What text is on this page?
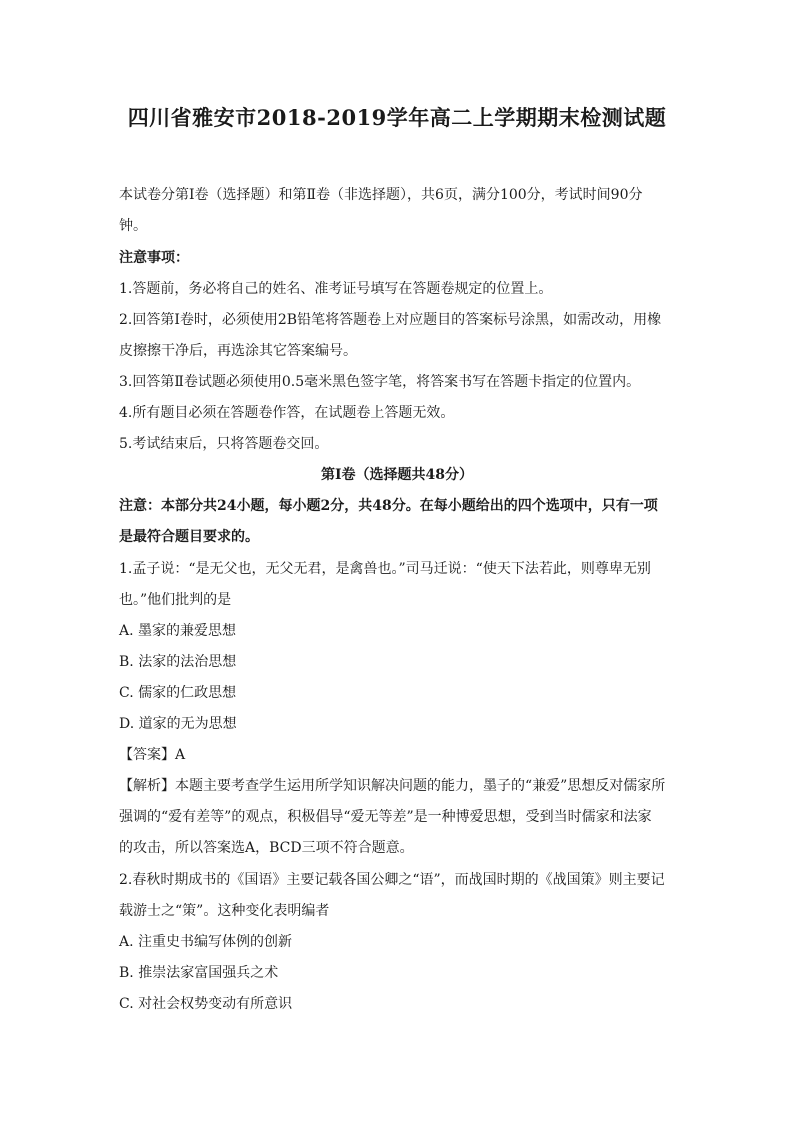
四川省雅安市2018-2019学年高二上学期期末检测试题
本试卷分第Ⅰ卷（选择题）和第Ⅱ卷（非选择题），共6页，满分100分，考试时间90分
钟。
注意事项：
1.答题前，务必将自己的姓名、准考证号填写在答题卷规定的位置上。
2.回答第Ⅰ卷时，必须使用2B铅笔将答题卷上对应题目的答案标号涂黑，如需改动，用橡
皮擦擦干净后，再选涂其它答案编号。
3.回答第Ⅱ卷试题必须使用0.5毫米黑色签字笔，将答案书写在答题卡指定的位置内。
4.所有题目必须在答题卷作答，在试题卷上答题无效。
5.考试结束后，只将答题卷交回。
第Ⅰ卷（选择题共48分）
注意：本部分共24小题，每小题2分，共48分。在每小题给出的四个选项中，只有一项
是最符合题目要求的。
1.孟子说：“是无父也，无父无君，是禽兽也。”司马迁说：“使天下法若此，则尊卑无别
也。”他们批判的是
A. 墨家的兼爱思想
B. 法家的法治思想
C. 儒家的仁政思想
D. 道家的无为思想
【答案】A
【解析】本题主要考查学生运用所学知识解决问题的能力，墨子的“兼爱”思想反对儒家所
强调的“爱有差等”的观点，积极倡导“爱无等差”是一种博爱思想，受到当时儒家和法家
的攻击，所以答案选A，BCD三项不符合题意。
2.春秋时期成书的《国语》主要记载各国公卿之“语”，而战国时期的《战国策》则主要记
载游士之“策”。这种变化表明编者
A. 注重史书编写体例的创新
B. 推崇法家富国强兵之术
C. 对社会权势变动有所意识
